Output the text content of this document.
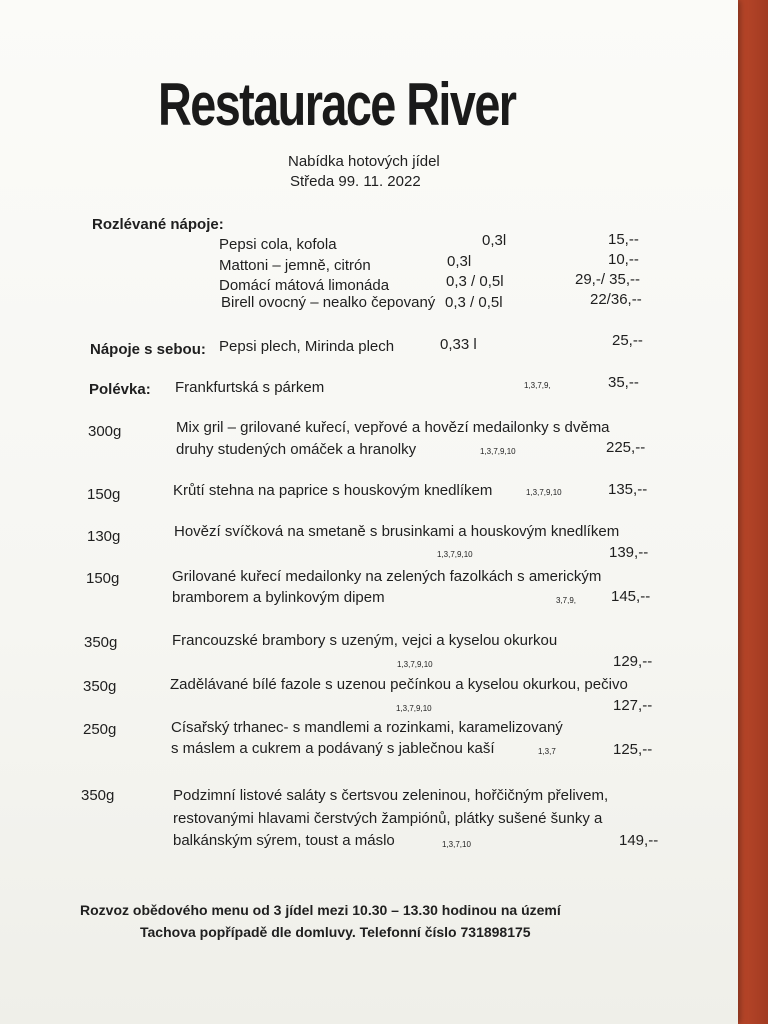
Restaurace River
Nabídka hotových jídel
Středa 99. 11. 2022
Rozlévané nápoje:
Pepsi cola, kofola	0,3l	15,--
Mattoni – jemně, citrón	0,3l	10,--
Domácí mátová limonáda	0,3 / 0,5l	29,-/ 35,--
Birell ovocný – nealko čepovaný 0,3 / 0,5l	22/36,--
Nápoje s sebou: Pepsi plech, Mirinda plech	0,33 l	25,--
Polévka: Frankfurtská s párkem	1,3,7,9,	35,--
300g	Mix gril – grilované kuřecí, vepřové a hovězí medailonky s dvěma
druhy studených omáček a hranolky	1,3,7,9,10	225,--
150g	Krůtí stehna na paprice s houskovým knedlíkem	1,3,7,9,10	135,--
130g	Hovězí svíčková na smetaně s brusinkami a houskovým knedlíkem
1,3,7,9,10	139,--
150g	Grilované kuřecí medailonky na zelených fazolkách s americkým
bramborem a bylinkovým dipem	3,7,9, 145,--
350g	Francouzské brambory s uzeným, vejci a kyselou okurkou
1,3,7,9,10	129,--
350g	Zadělávané bílé fazole s uzenou pečínkou a kyselou okurkou, pečivo
1,3,7,9,10	127,--
250g	Císařský trhanec- s mandlemi a rozinkami, karamelizovaný
s máslem a cukrem a podávaný s jablečnou kaší	1,3,7	125,--
350g	Podzimní listové saláty s čertsvou zeleninou, hořčičným přelivem,
restovanými hlavami čerstvých žampiónů, plátky sušené šunky a
balkánským sýrem, toust a máslo	1,3,7,10	149,--
Rozvoz obědového menu od 3 jídel mezi 10.30 – 13.30 hodinou na území
Tachova popřípadě dle domluvy. Telefonní číslo 731898175
